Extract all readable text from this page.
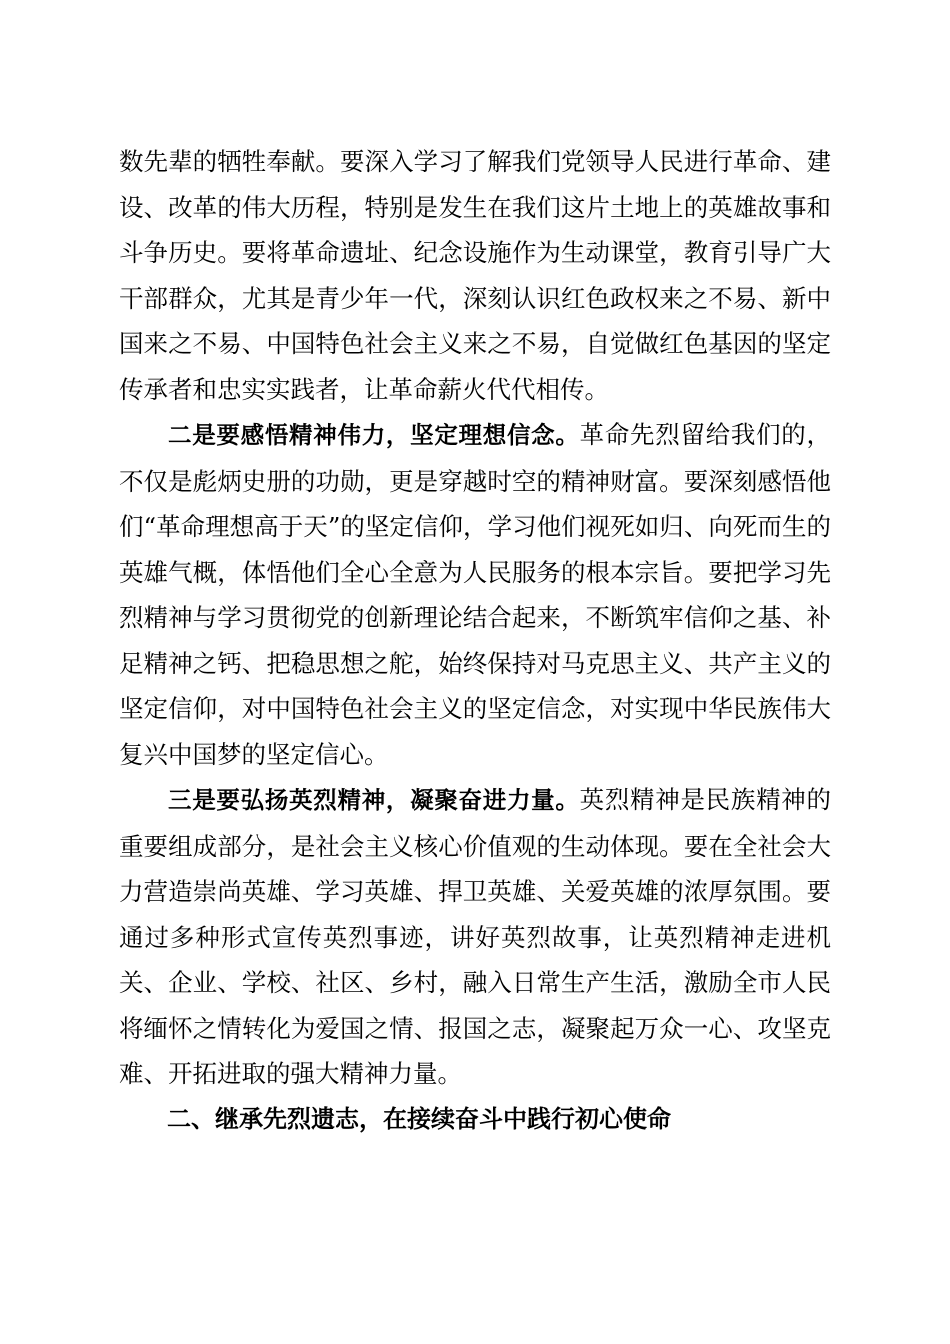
数先辈的牺牲奉献。要深入学习了解我们党领导人民进行革命、建设、改革的伟大历程，特别是发生在我们这片土地上的英雄故事和斗争历史。要将革命遗址、纪念设施作为生动课堂，教育引导广大干部群众，尤其是青少年一代，深刻认识红色政权来之不易、新中国来之不易、中国特色社会主义来之不易，自觉做红色基因的坚定传承者和忠实实践者，让革命薪火代代相传。

二是要感悟精神伟力，坚定理想信念。革命先烈留给我们的，不仅是彪炳史册的功勋，更是穿越时空的精神财富。要深刻感悟他们“革命理想高于天”的坚定信仰，学习他们视死如归、向死而生的英雄气概，体悟他们全心全意为人民服务的根本宗旨。要把学习先烈精神与学习贯彻党的创新理论结合起来，不断筑牢信仰之基、补足精神之钙、把稳思想之舵，始终保持对马克思主义、共产主义的坚定信仰，对中国特色社会主义的坚定信念，对实现中华民族伟大复兴中国梦的坚定信心。

三是要弘扬英烈精神，凝聚奋进力量。英烈精神是民族精神的重要组成部分，是社会主义核心价值观的生动体现。要在全社会大力营造崇尚英雄、学习英雄、捍卫英雄、关爱英雄的浓厚氛围。要通过多种形式宣传英烈事迹，讲好英烈故事，让英烈精神走进机关、企业、学校、社区、乡村，融入日常生产生活，激励全市人民将缅怀之情转化为爱国之情、报国之志，凝聚起万众一心、攻坚克难、开拓进取的强大精神力量。

二、继承先烈遗志，在接续奋斗中践行初心使命
